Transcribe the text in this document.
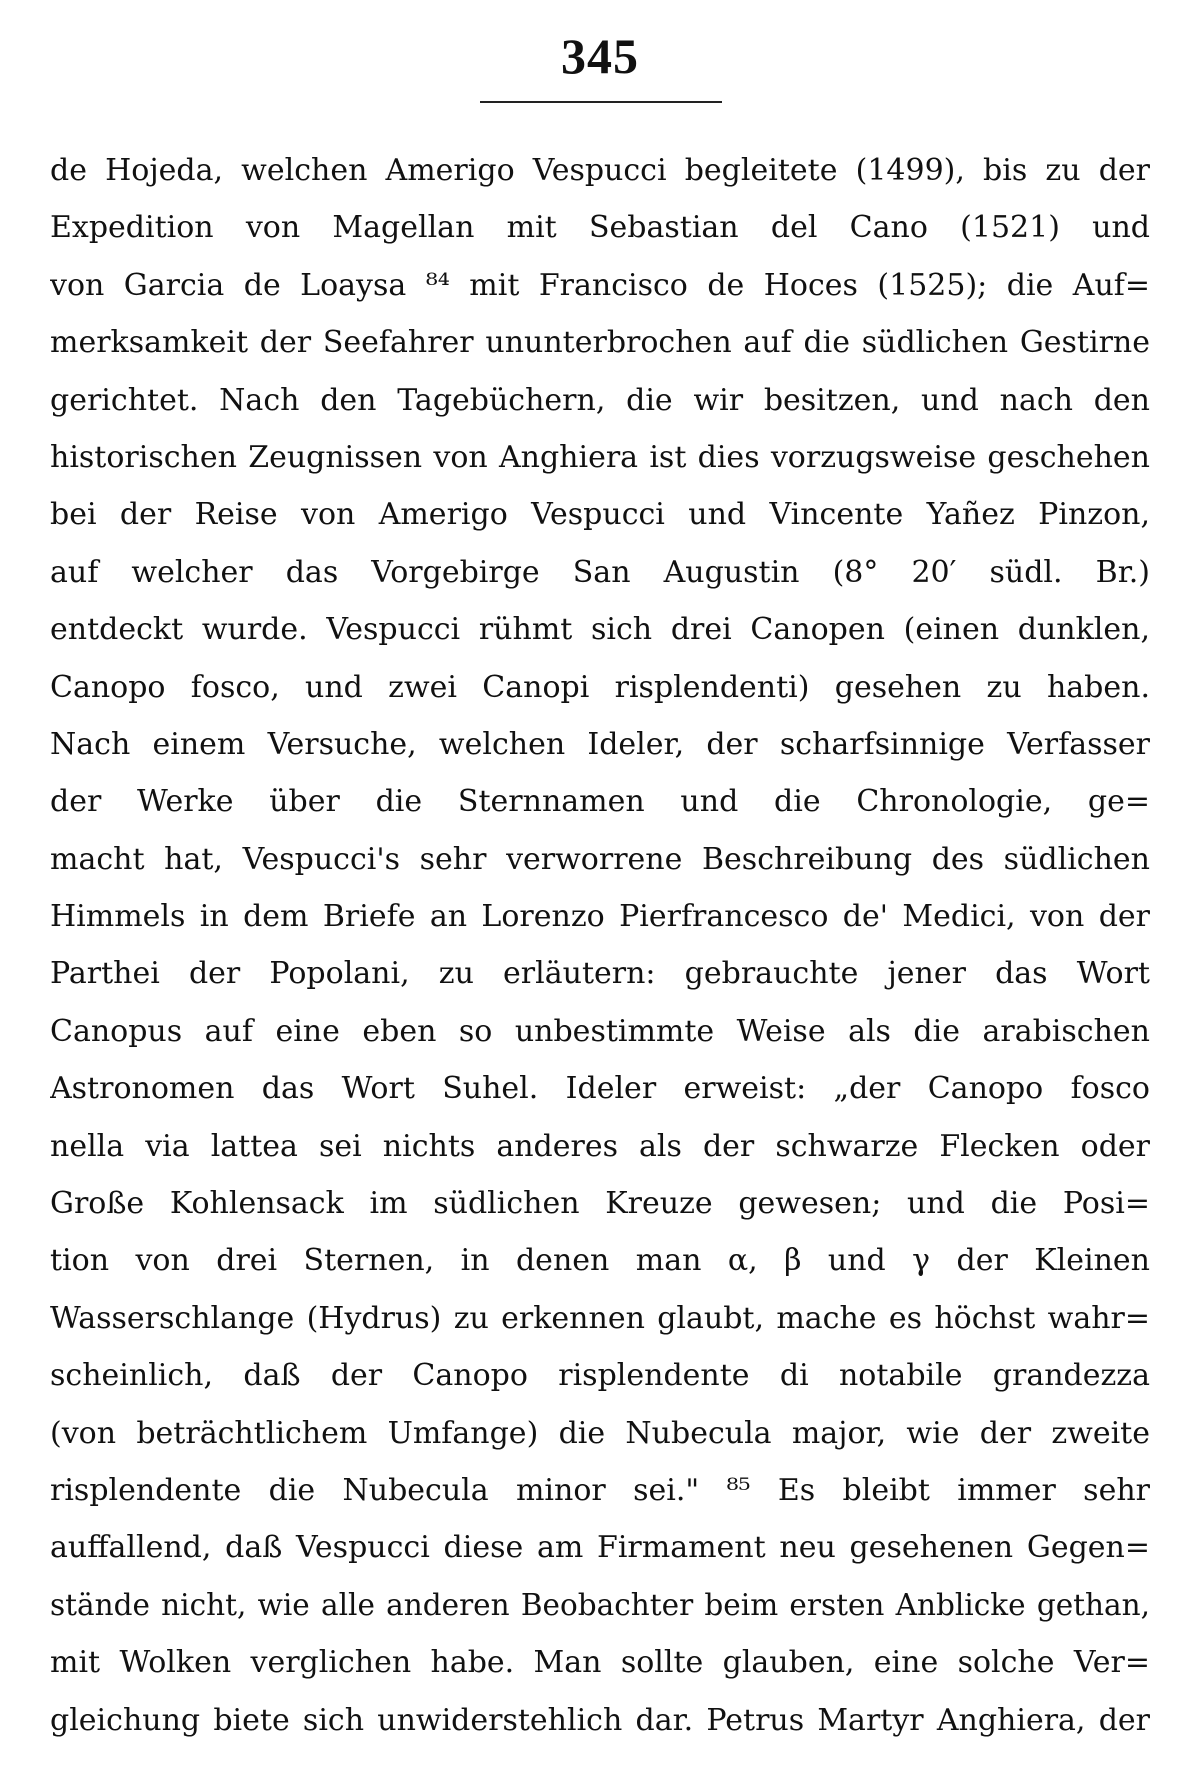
345
de Hojeda, welchen Amerigo Vespucci begleitete (1499), bis zu der
Expedition von Magellan mit Sebastian del Cano (1521) und
von Garcia de Loaysa ⁸⁴ mit Francisco de Hoces (1525); die Auf=
merksamkeit der Seefahrer ununterbrochen auf die südlichen Gestirne
gerichtet. Nach den Tagebüchern, die wir besitzen, und nach den
historischen Zeugnissen von Anghiera ist dies vorzugsweise geschehen
bei der Reise von Amerigo Vespucci und Vincente Yañez Pinzon,
auf welcher das Vorgebirge San Augustin (8° 20′ südl. Br.)
entdeckt wurde. Vespucci rühmt sich drei Canopen (einen dunklen,
Canopo fosco, und zwei Canopi risplendenti) gesehen zu haben.
Nach einem Versuche, welchen Ideler, der scharfsinnige Verfasser
der Werke über die Sternnamen und die Chronologie, ge=
macht hat, Vespucci's sehr verworrene Beschreibung des südlichen
Himmels in dem Briefe an Lorenzo Pierfrancesco de' Medici, von der
Parthei der Popolani, zu erläutern: gebrauchte jener das Wort
Canopus auf eine eben so unbestimmte Weise als die arabischen
Astronomen das Wort Suhel. Ideler erweist: „der Canopo fosco
nella via lattea sei nichts anderes als der schwarze Flecken oder
Große Kohlensack im südlichen Kreuze gewesen; und die Posi=
tion von drei Sternen, in denen man α, β und γ der Kleinen
Wasserschlange (Hydrus) zu erkennen glaubt, mache es höchst wahr=
scheinlich, daß der Canopo risplendente di notabile grandezza
(von beträchtlichem Umfange) die Nubecula major, wie der zweite
risplendente die Nubecula minor sei." ⁸⁵ Es bleibt immer sehr
auffallend, daß Vespucci diese am Firmament neu gesehenen Gegen=
stände nicht, wie alle anderen Beobachter beim ersten Anblicke gethan,
mit Wolken verglichen habe. Man sollte glauben, eine solche Ver=
gleichung biete sich unwiderstehlich dar. Petrus Martyr Anghiera, der
